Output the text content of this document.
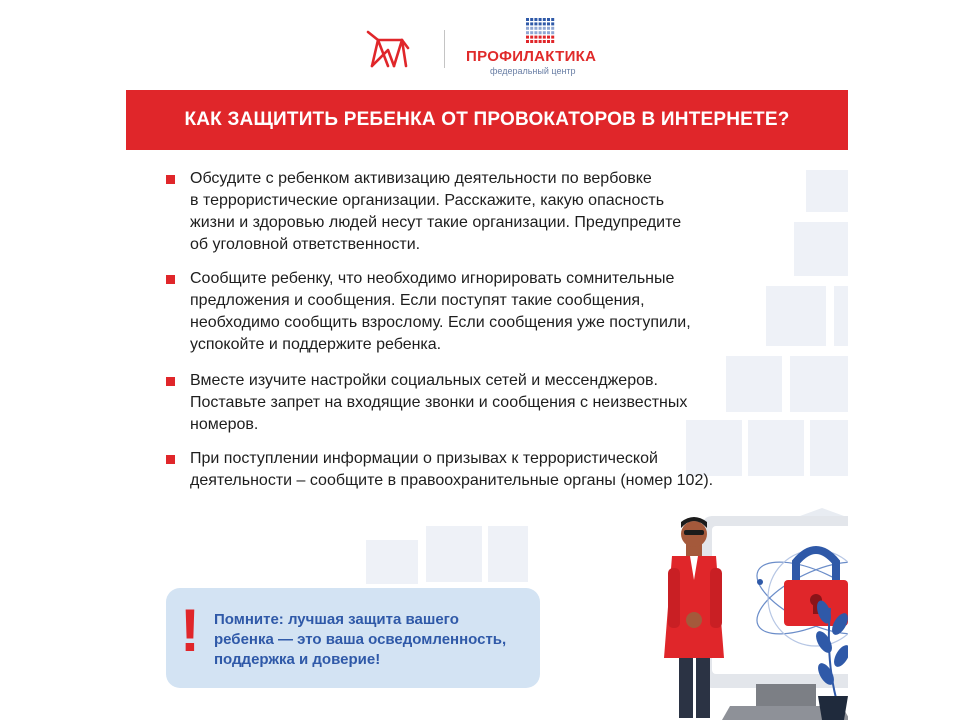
ПРОФИЛАКТИКА
федеральный центр
КАК ЗАЩИТИТЬ РЕБЕНКА ОТ ПРОВОКАТОРОВ В ИНТЕРНЕТЕ?
Обсудите с ребенком активизацию деятельности по вербовке
в террористические организации. Расскажите, какую опасность
жизни и здоровью людей несут такие организации. Предупредите
об уголовной ответственности.
Сообщите ребенку, что необходимо игнорировать сомнительные
предложения и сообщения. Если поступят такие сообщения,
необходимо сообщить взрослому. Если сообщения уже поступили,
успокойте и поддержите ребенка.
Вместе изучите настройки социальных сетей и мессенджеров.
Поставьте запрет на входящие звонки и сообщения с неизвестных
номеров.
При поступлении информации о призывах к террористической
деятельности – сообщите в правоохранительные органы (номер 102).
! Помните: лучшая защита вашего
ребенка — это ваша осведомленность,
поддержка и доверие!
